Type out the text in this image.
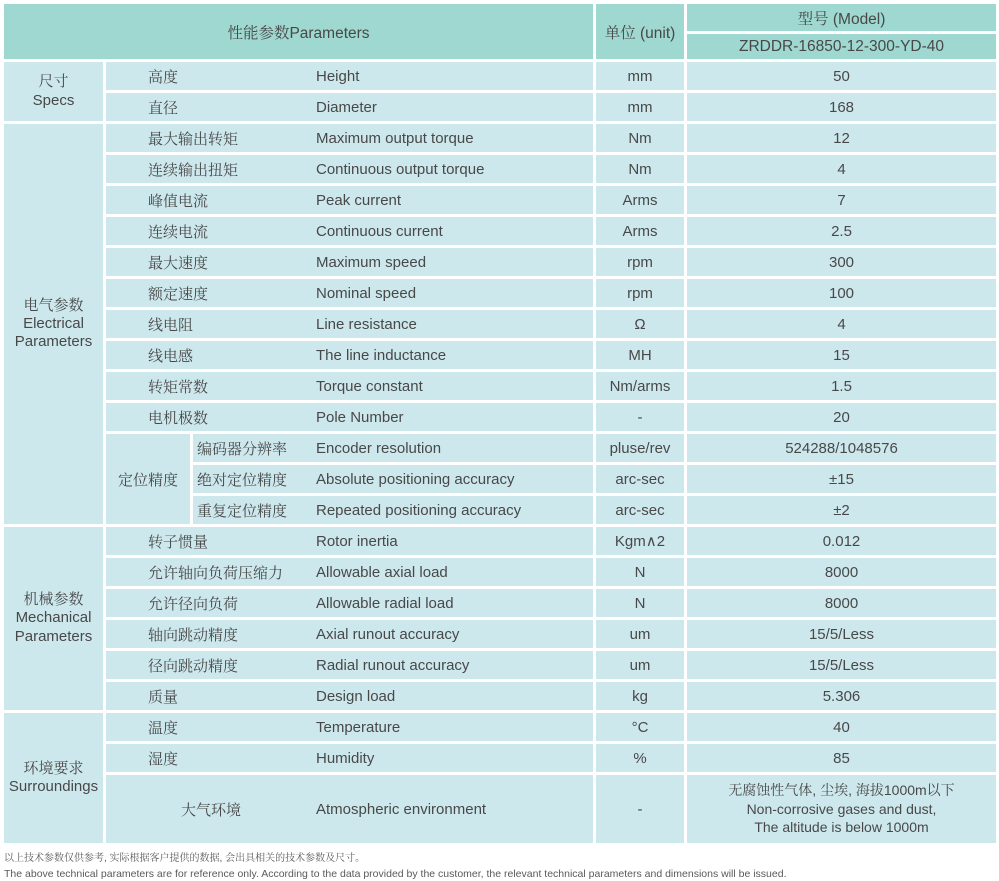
性能参数Parameters			单位 (unit)	型号 (Model)
				ZRDDR-16850-12-300-YD-40

尺寸
Specs	高度 Height		mm	50
	直径 Diameter		mm	168

电气参数
Electrical
Parameters	最大输出转矩 Maximum output torque		Nm	12
	连续输出扭矩 Continuous output torque		Nm	4
	峰值电流 Peak current		Arms	7
	连续电流 Continuous current		Arms	2.5
	最大速度 Maximum speed		rpm	300
	额定速度 Nominal speed		rpm	100
	线电阻 Line resistance		Ω	4
	线电感 The line inductance		MH	15
	转矩常数 Torque constant		Nm/arms	1.5
	电机极数 Pole Number		-	20
	定位精度	编码器分辨率 Encoder resolution	pluse/rev	524288/1048576
		绝对定位精度 Absolute positioning accuracy	arc-sec	±15
		重复定位精度 Repeated positioning accuracy	arc-sec	±2

机械参数
Mechanical
Parameters	转子惯量 Rotor inertia		Kgm∧2	0.012
	允许轴向负荷压缩力 Allowable axial load		N	8000
	允许径向负荷 Allowable radial load		N	8000
	轴向跳动精度 Axial runout accuracy		um	15/5/Less
	径向跳动精度 Radial runout accuracy		um	15/5/Less
	质量 Design load		kg	5.306

环境要求
Surroundings	温度 Temperature		°C	40
	湿度 Humidity		%	85
	大气环境 Atmospheric environment		-	无腐蚀性气体, 尘埃, 海拔1000m以下
Non-corrosive gases and dust,
The altitude is below 1000m
以上技术参数仅供参考, 实际根据客户提供的数据, 会出具相关的技术参数及尺寸。
The above technical parameters are for reference only. According to the data provided by the customer, the relevant technical parameters and dimensions will be issued.
